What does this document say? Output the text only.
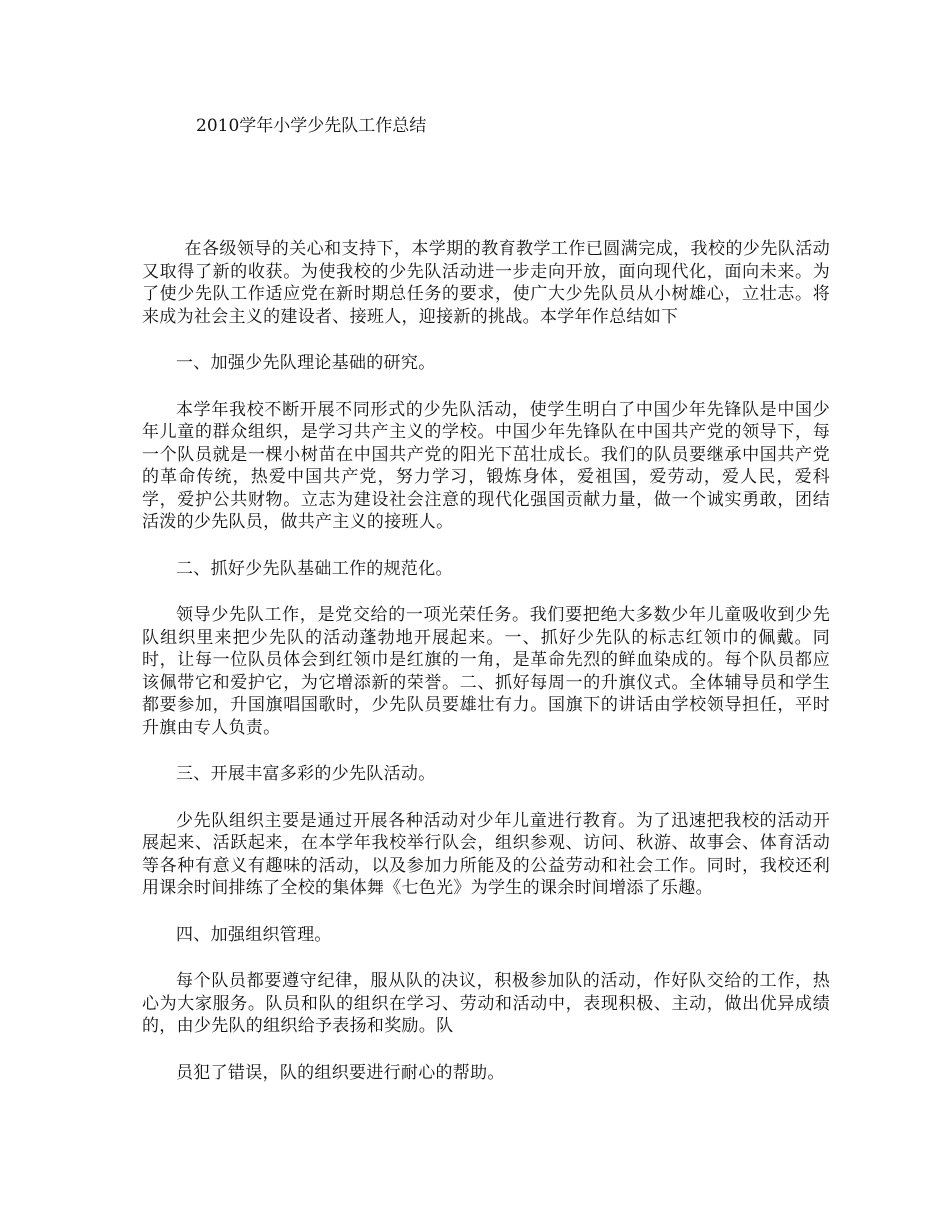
2010学年小学少先队工作总结

在各级领导的关心和支持下，本学期的教育教学工作已圆满完成，我校的少先队活动又取得了新的收获。为使我校的少先队活动进一步走向开放，面向现代化，面向未来。为了使少先队工作适应党在新时期总任务的要求，使广大少先队员从小树雄心，立壮志。将来成为社会主义的建设者、接班人，迎接新的挑战。本学年作总结如下

一、加强少先队理论基础的研究。

本学年我校不断开展不同形式的少先队活动，使学生明白了中国少年先锋队是中国少年儿童的群众组织，是学习共产主义的学校。中国少年先锋队在中国共产党的领导下，每一个队员就是一棵小树苗在中国共产党的阳光下茁壮成长。我们的队员要继承中国共产党的革命传统，热爱中国共产党，努力学习，锻炼身体，爱祖国，爱劳动，爱人民，爱科学，爱护公共财物。立志为建设社会注意的现代化强国贡献力量，做一个诚实勇敢，团结活泼的少先队员，做共产主义的接班人。

二、抓好少先队基础工作的规范化。

领导少先队工作，是党交给的一项光荣任务。我们要把绝大多数少年儿童吸收到少先队组织里来把少先队的活动蓬勃地开展起来。一、抓好少先队的标志红领巾的佩戴。同时，让每一位队员体会到红领巾是红旗的一角，是革命先烈的鲜血染成的。每个队员都应该佩带它和爱护它，为它增添新的荣誉。二、抓好每周一的升旗仪式。全体辅导员和学生都要参加，升国旗唱国歌时，少先队员要雄壮有力。国旗下的讲话由学校领导担任，平时升旗由专人负责。

三、开展丰富多彩的少先队活动。

少先队组织主要是通过开展各种活动对少年儿童进行教育。为了迅速把我校的活动开展起来、活跃起来，在本学年我校举行队会，组织参观、访问、秋游、故事会、体育活动等各种有意义有趣味的活动，以及参加力所能及的公益劳动和社会工作。同时，我校还利用课余时间排练了全校的集体舞《七色光》为学生的课余时间增添了乐趣。

四、加强组织管理。

每个队员都要遵守纪律，服从队的决议，积极参加队的活动，作好队交给的工作，热心为大家服务。队员和队的组织在学习、劳动和活动中，表现积极、主动，做出优异成绩的，由少先队的组织给予表扬和奖励。队

员犯了错误，队的组织要进行耐心的帮助。
